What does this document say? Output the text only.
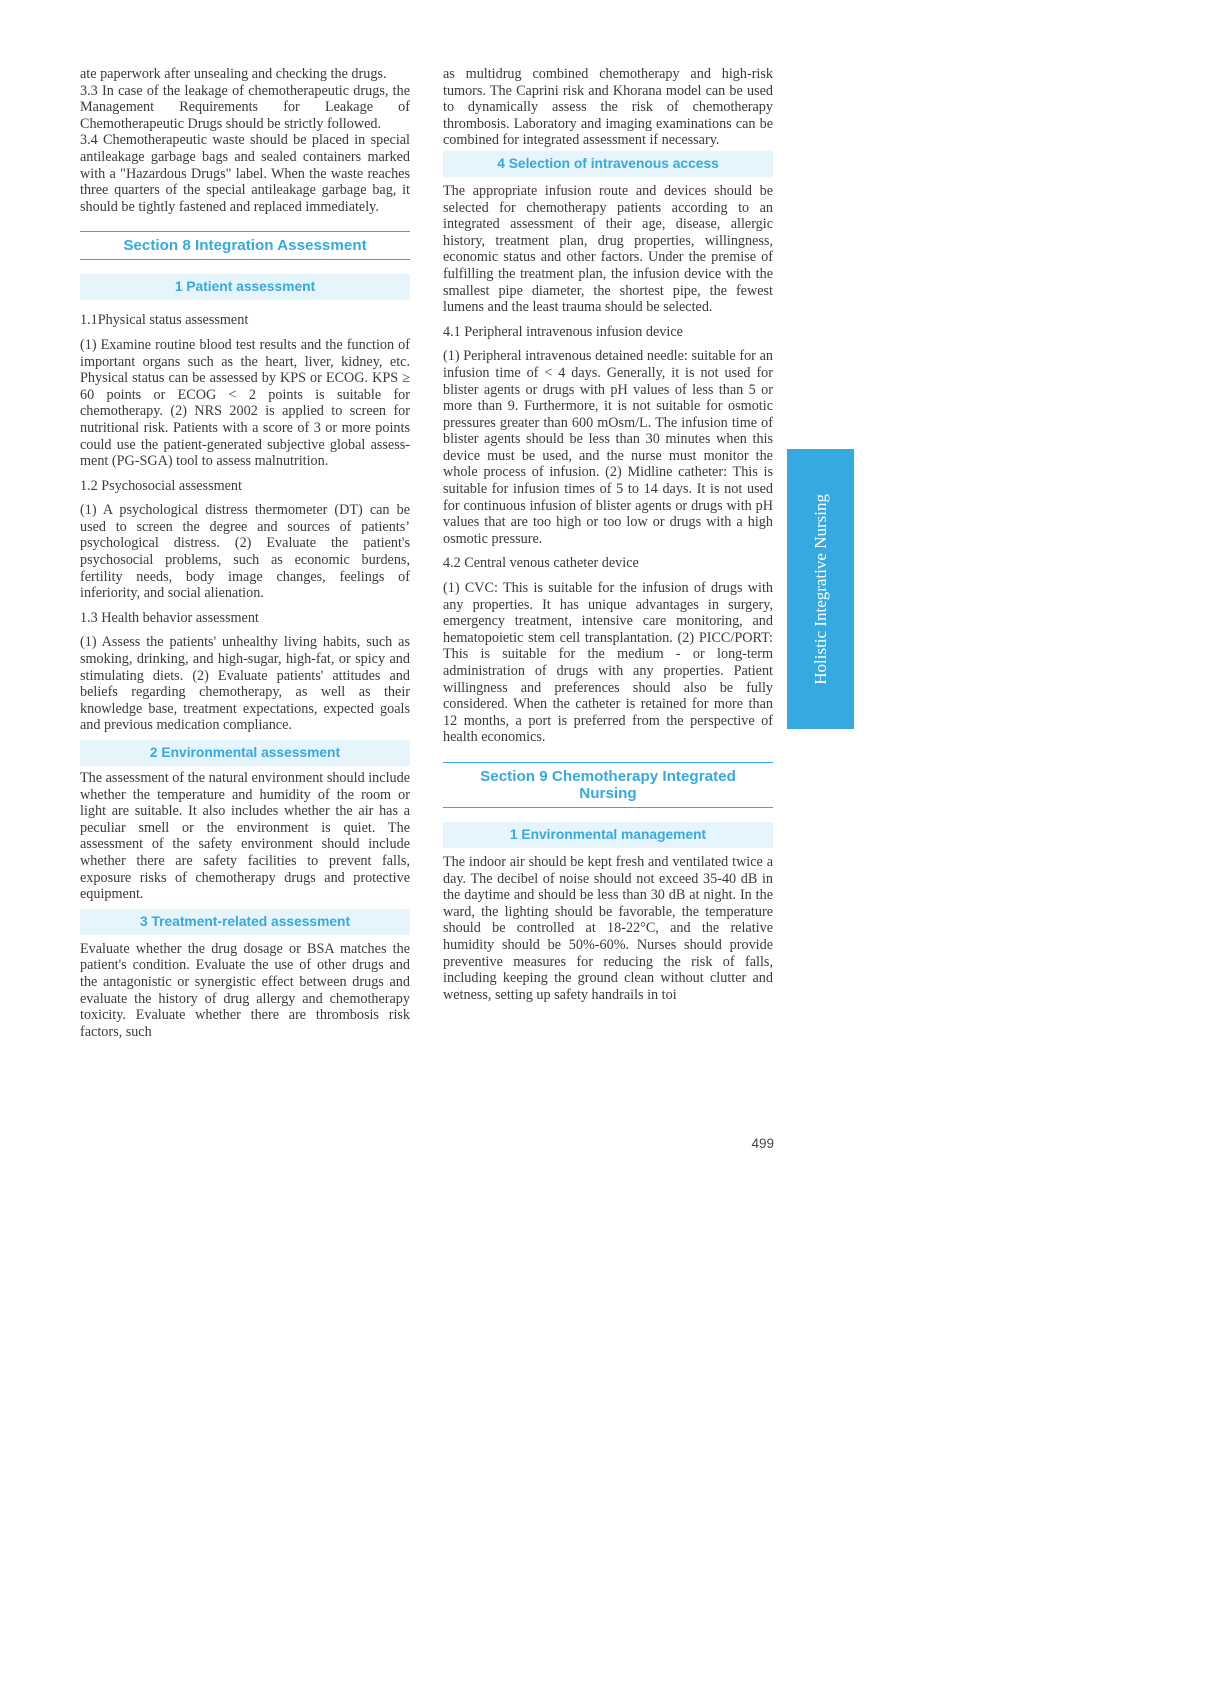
ate paperwork after unsealing and checking the drugs.

3.3 In case of the leakage of chemotherapeutic drugs, the Management Requirements for Leakage of Chemotherapeutic Drugs should be strictly followed.

3.4 Chemotherapeutic waste should be placed in special antileakage garbage bags and sealed containers marked with a "Hazardous Drugs" label. When the waste reaches three quarters of the special antileakage garbage bag, it should be tightly fastened and replaced immediately.

Section 8 Integration Assessment
1 Patient assessment
1.1Physical status assessment

(1) Examine routine blood test results and the function of important organs such as the heart, liver, kidney, etc. Physical status can be assessed by KPS or ECOG. KPS ≥ 60 points or ECOG < 2 points is suitable for chemotherapy. (2) NRS 2002 is applied to screen for nutritional risk. Patients with a score of 3 or more points could use the patient-generated subjective global assessment (PG-SGA) tool to assess malnutrition.

1.2 Psychosocial assessment

(1) A psychological distress thermometer (DT) can be used to screen the degree and sources of patients’ psychological distress. (2) Evaluate the patient's psychosocial problems, such as economic burdens, fertility needs, body image changes, feelings of inferiority, and social alienation.

1.3 Health behavior assessment

(1) Assess the patients' unhealthy living habits, such as smoking, drinking, and high-sugar, high-fat, or spicy and stimulating diets. (2) Evaluate patients' attitudes and beliefs regarding chemotherapy, as well as their knowledge base, treatment expectations, expected goals and previous medication compliance.

2 Environmental assessment

The assessment of the natural environment should include whether the temperature and humidity of the room or light are suitable. It also includes whether the air has a peculiar smell or the environment is quiet. The assessment of the safety environment should include whether there are safety facilities to prevent falls, exposure risks of chemotherapy drugs and protective equipment.

3 Treatment-related assessment

Evaluate whether the drug dosage or BSA matches the patient's condition. Evaluate the use of other drugs and the antagonistic or synergistic effect between drugs and evaluate the history of drug allergy and chemotherapy toxicity. Evaluate whether there are thrombosis risk factors, such

as multidrug combined chemotherapy and high-risk tumors. The Caprini risk and Khorana model can be used to dynamically assess the risk of chemotherapy thrombosis. Laboratory and imaging examinations can be combined for integrated assessment if necessary.

4 Selection of intravenous access

The appropriate infusion route and devices should be selected for chemotherapy patients according to an integrated assessment of their age, disease, allergic history, treatment plan, drug properties, willingness, economic status and other factors. Under the premise of fulfilling the treatment plan, the infusion device with the smallest pipe diameter, the shortest pipe, the fewest lumens and the least trauma should be selected.

4.1 Peripheral intravenous infusion device

(1) Peripheral intravenous detained needle: suitable for an infusion time of < 4 days. Generally, it is not used for blister agents or drugs with pH values of less than 5 or more than 9. Furthermore, it is not suitable for osmotic pressures greater than 600 mOsm/L. The infusion time of blister agents should be less than 30 minutes when this device must be used, and the nurse must monitor the whole process of infusion. (2) Midline catheter: This is suitable for infusion times of 5 to 14 days. It is not used for continuous infusion of blister agents or drugs with pH values that are too high or too low or drugs with a high osmotic pressure.

4.2 Central venous catheter device

(1) CVC: This is suitable for the infusion of drugs with any properties. It has unique advantages in surgery, emergency treatment, intensive care monitoring, and hematopoietic stem cell transplantation. (2) PICC/PORT: This is suitable for the medium - or long-term administration of drugs with any properties. Patient willingness and preferences should also be fully considered. When the catheter is retained for more than 12 months, a port is preferred from the perspective of health economics.

Section 9 Chemotherapy Integrated Nursing
1 Environmental management

The indoor air should be kept fresh and ventilated twice a day. The decibel of noise should not exceed 35-40 dB in the daytime and should be less than 30 dB at night. In the ward, the lighting should be favorable, the temperature should be controlled at 18-22°C, and the relative humidity should be 50%-60%. Nurses should provide preventive measures for reducing the risk of falls, including keeping the ground clean without clutter and wetness, setting up safety handrails in toi

Holistic Integrative Nursing
499
